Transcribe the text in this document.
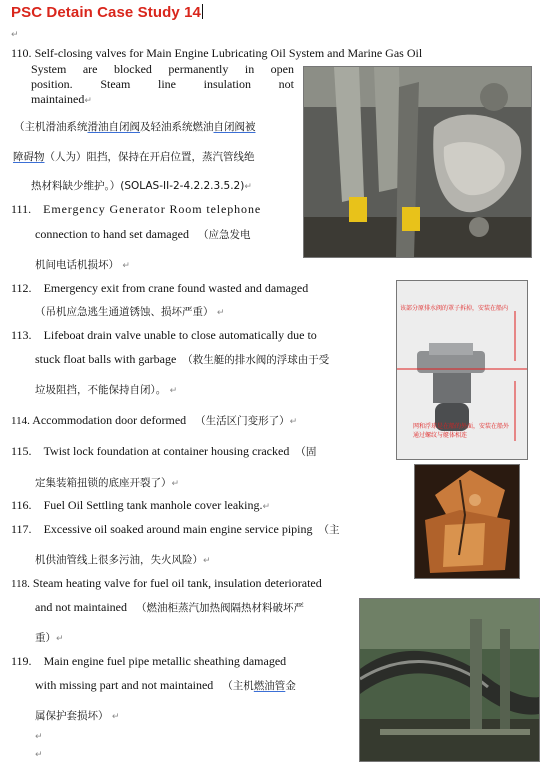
PSC Detain Case Study 14
↵
110. Self-closing valves for Main Engine Lubricating Oil System and Marine Gas Oil
System are blocked permanently in open
position. Steam line insulation not
maintained↵
（主机滑油系统滑油自闭阀及轻油系统燃油自闭阀被
障碍物（人为）阻挡，保持在开启位置，蒸汽管线绝
热材料缺少维护。）(SOLAS-II-2-4.2.2.3.5.2)↵
111. Emergency Generator Room telephone
connection to hand set damaged （应急发电
机间电话机损坏） ↵
112. Emergency exit from crane found wasted and damaged
（吊机应急逃生通道锈蚀、损坏严重） ↵
113. Lifeboat drain valve unable to close automatically due to
stuck float balls with garbage （救生艇的排水阀的浮球由于受
垃圾阻挡，不能保持自闭）。 ↵
114. Accommodation door deformed （生活区门变形了）↵
115. Twist lock foundation at container housing cracked （固
定集装箱扭锁的底座开裂了）↵
116. Fuel Oil Settling tank manhole cover leaking.↵
117. Excessive oil soaked around main engine service piping （主
机供油管线上很多污油，失火风险）↵
118. Steam heating valve for fuel oil tank, insulation deteriorated
and not maintained （燃油柜蒸汽加热阀隔热材料破坏严
重）↵
119. Main engine fuel pipe metallic sheathing damaged
with missing part and not maintained （主机燃油管金
属保护套损坏） ↵
↵
↵
该部分原排水阀的罩子拆掉，安装在船内
网和浮球是在船的外面，安装在船外
通过螺纹与艇体相连
